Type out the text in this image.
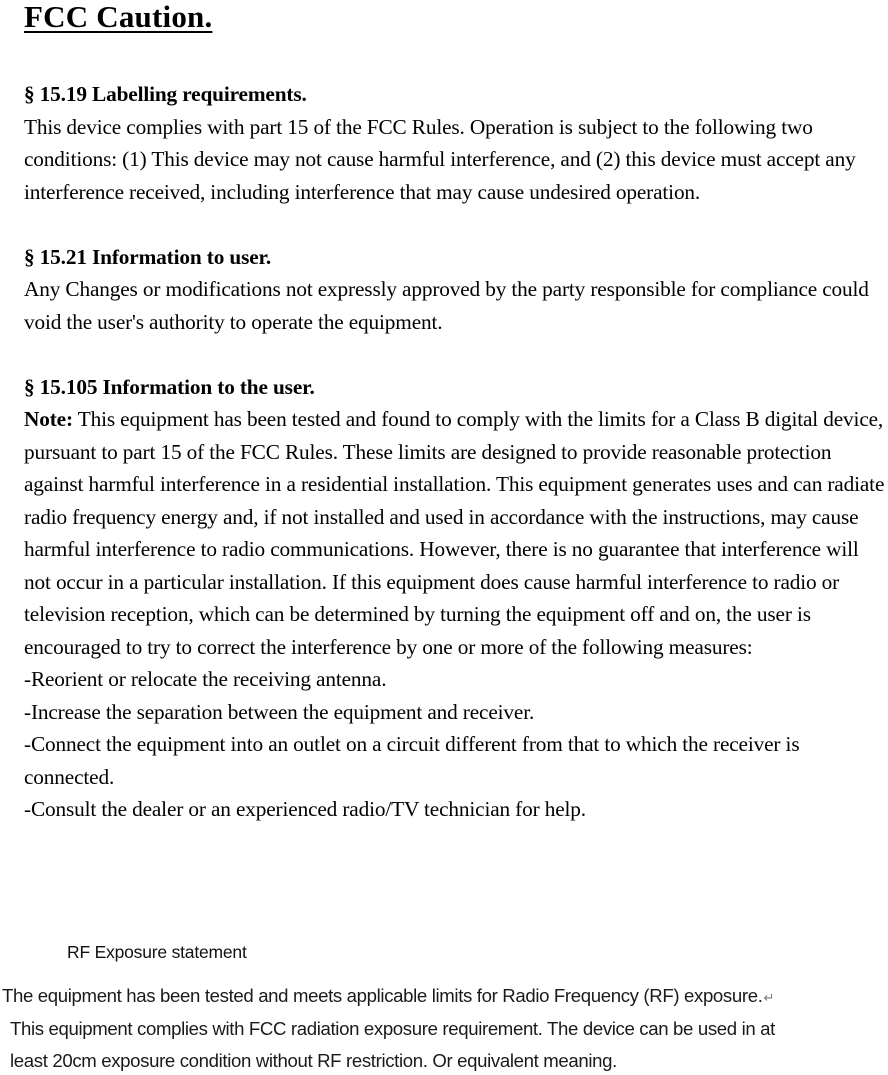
FCC Caution.

§ 15.19 Labelling requirements.

This device complies with part 15 of the FCC Rules. Operation is subject to the following two conditions: (1) This device may not cause harmful interference, and (2) this device must accept any interference received, including interference that may cause undesired operation.

§ 15.21 Information to user.

Any Changes or modifications not expressly approved by the party responsible for compliance could void the user's authority to operate the equipment.

§ 15.105 Information to the user.

Note: This equipment has been tested and found to comply with the limits for a Class B digital device, pursuant to part 15 of the FCC Rules. These limits are designed to provide reasonable protection against harmful interference in a residential installation. This equipment generates uses and can radiate radio frequency energy and, if not installed and used in accordance with the instructions, may cause harmful interference to radio communications. However, there is no guarantee that interference will not occur in a particular installation. If this equipment does cause harmful interference to radio or television reception, which can be determined by turning the equipment off and on, the user is encouraged to try to correct the interference by one or more of the following measures:

-Reorient or relocate the receiving antenna.

-Increase the separation between the equipment and receiver.

-Connect the equipment into an outlet on a circuit different from that to which the receiver is connected.

-Consult the dealer or an experienced radio/TV technician for help.

RF Exposure statement
The equipment has been tested and meets applicable limits for Radio Frequency (RF) exposure.↵
This equipment complies with FCC radiation exposure requirement. The device can be used in at
least 20cm exposure condition without RF restriction. Or equivalent meaning.
